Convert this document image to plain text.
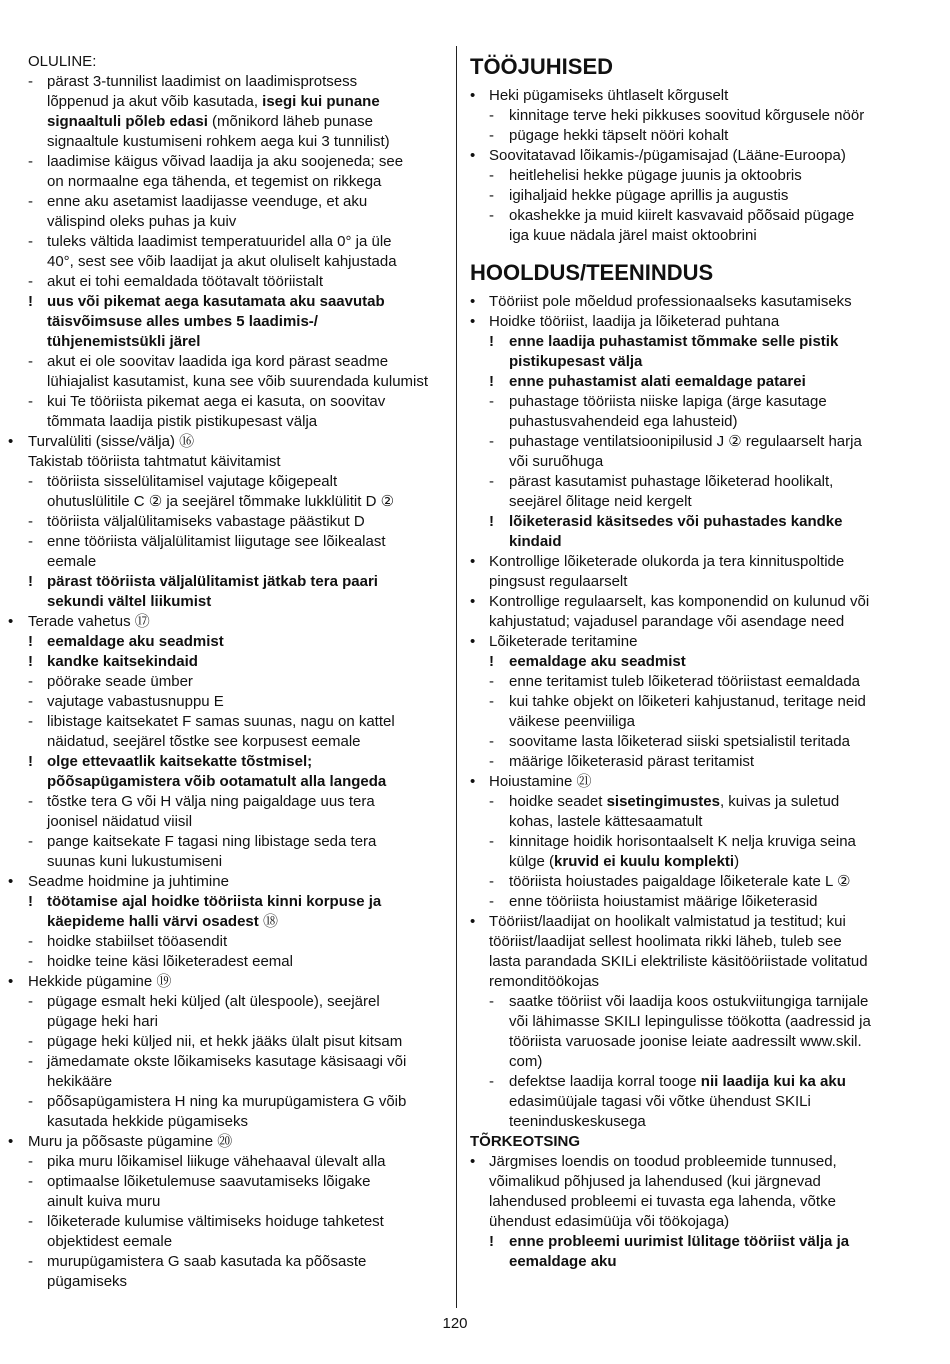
OLULINE:
- pärast 3-tunnilist laadimist on laadimisprotsess
lõppenud ja akut võib kasutada, isegi kui punane
signaaltuli põleb edasi (mõnikord läheb punase
signaaltule kustumiseni rohkem aega kui 3 tunnilist)
- laadimise käigus võivad laadija ja aku soojeneda; see
on normaalne ega tähenda, et tegemist on rikkega
- enne aku asetamist laadijasse veenduge, et aku
välispind oleks puhas ja kuiv
- tuleks vältida laadimist temperatuuridel alla 0° ja üle
40°, sest see võib laadijat ja akut oluliselt kahjustada
- akut ei tohi eemaldada töötavalt tööriistalt
! uus või pikemat aega kasutamata aku saavutab
täisvõimsuse alles umbes 5 laadimis-/
tühjenemistsükli järel
- akut ei ole soovitav laadida iga kord pärast seadme
lühiajalist kasutamist, kuna see võib suurendada kulumist
- kui Te tööriista pikemat aega ei kasuta, on soovitav
tõmmata laadija pistik pistikupesast välja
• Turvalüliti (sisse/välja) ⑯
Takistab tööriista tahtmatut käivitamist
- tööriista sisselülitamisel vajutage kõigepealt
ohutuslülitile C ② ja seejärel tõmmake lukklülitit D ②
- tööriista väljalülitamiseks vabastage päästikut D
- enne tööriista väljalülitamist liigutage see lõikealast
eemale
! pärast tööriista väljalülitamist jätkab tera paari
sekundi vältel liikumist
• Terade vahetus ⑰
! eemaldage aku seadmist
! kandke kaitsekindaid
- pöörake seade ümber
- vajutage vabastusnuppu E
- libistage kaitsekatet F samas suunas, nagu on kattel
näidatud, seejärel tõstke see korpusest eemale
! olge ettevaatlik kaitsekatte tõstmisel;
põõsapügamistera võib ootamatult alla langeda
- tõstke tera G või H välja ning paigaldage uus tera
joonisel näidatud viisil
- pange kaitsekate F tagasi ning libistage seda tera
suunas kuni lukustumiseni
• Seadme hoidmine ja juhtimine
! töötamise ajal hoidke tööriista kinni korpuse ja
käepideme halli värvi osadest ⑱
- hoidke stabiilset tööasendit
- hoidke teine käsi lõiketeradest eemal
• Hekkide pügamine ⑲
- pügage esmalt heki küljed (alt ülespoole), seejärel
pügage heki hari
- pügage heki küljed nii, et hekk jääks ülalt pisut kitsam
- jämedamate okste lõikamiseks kasutage käsisaagi või
hekikääre
- põõsapügamistera H ning ka murupügamistera G võib
kasutada hekkide pügamiseks
• Muru ja põõsaste pügamine ⑳
- pika muru lõikamisel liikuge vähehaaval ülevalt alla
- optimaalse lõiketulemuse saavutamiseks lõigake
ainult kuiva muru
- lõiketerade kulumise vältimiseks hoiduge tahketest
objektidest eemale
- murupügamistera G saab kasutada ka põõsaste
pügamiseks
TÖÖJUHISED
• Heki pügamiseks ühtlaselt kõrguselt
-	kinnitage terve heki pikkuses soovitud kõrgusele nöör
-	pügage hekki täpselt nööri kohalt
• Soovitatavad lõikamis-/pügamisajad (Lääne-Euroopa)
-	heitlehelisi hekke pügage juunis ja oktoobris
-	igihaljaid hekke pügage aprillis ja augustis
-	okashekke ja muid kiirelt kasvavaid põõsaid pügage
iga kuue nädala järel maist oktoobrini
HOOLDUS/TEENINDUS
• Tööriist pole mõeldud professionaalseks kasutamiseks
• Hoidke tööriist, laadija ja lõiketerad puhtana
!	enne laadija puhastamist tõmmake selle pistik
pistikupesast välja
!	enne puhastamist alati eemaldage patarei
-	puhastage tööriista niiske lapiga (ärge kasutage
puhastusvahendeid ega lahusteid)
-	puhastage ventilatsioonipilusid J ② regulaarselt harja
või suruõhuga
-	pärast kasutamist puhastage lõiketerad hoolikalt,
seejärel õlitage neid kergelt
!	lõiketerasid käsitsedes või puhastades kandke
kindaid
• Kontrollige lõiketerade olukorda ja tera kinnituspoltide
pingsust regulaarselt
• Kontrollige regulaarselt, kas komponendid on kulunud või
kahjustatud; vajadusel parandage või asendage need
• Lõiketerade teritamine
!	eemaldage aku seadmist
-	enne teritamist tuleb lõiketerad tööriistast eemaldada
-	kui tahke objekt on lõiketeri kahjustanud, teritage neid
väikese peenviiliga
-	soovitame lasta lõiketerad siiski spetsialistil teritada
-	määrige lõiketerasid pärast teritamist
• Hoiustamine ㉑
-	hoidke seadet sisetingimustes, kuivas ja suletud
kohas, lastele kättesaamatult
-	kinnitage hoidik horisontaalselt K nelja kruviga seina
külge (kruvid ei kuulu komplekti)
-	tööriista hoiustades paigaldage lõiketerale kate L ②
-	enne tööriista hoiustamist määrige lõiketerasid
• Tööriist/laadijat on hoolikalt valmistatud ja testitud; kui
tööriist/laadijat sellest hoolimata rikki läheb, tuleb see
lasta parandada SKILi elektriliste käsitööriistade volitatud
remonditöökojas
-	saatke tööriist või laadija koos ostukviitungiga tarnijale
või lähimasse SKILI lepingulisse töökotta (aadressid ja
tööriista varuosade joonise leiate aadressilt www.skil.
com)
-	defektse laadija korral tooge nii laadija kui ka aku
edasimüüjale tagasi või võtke ühendust SKILi
teeninduskeskusega
TÕRKEOTSING
• Järgmises loendis on toodud probleemide tunnused,
võimalikud põhjused ja lahendused (kui järgnevad
lahendused probleemi ei tuvasta ega lahenda, võtke
ühendust edasimüüja või töökojaga)
!	enne probleemi uurimist lülitage tööriist välja ja
eemaldage aku
120
